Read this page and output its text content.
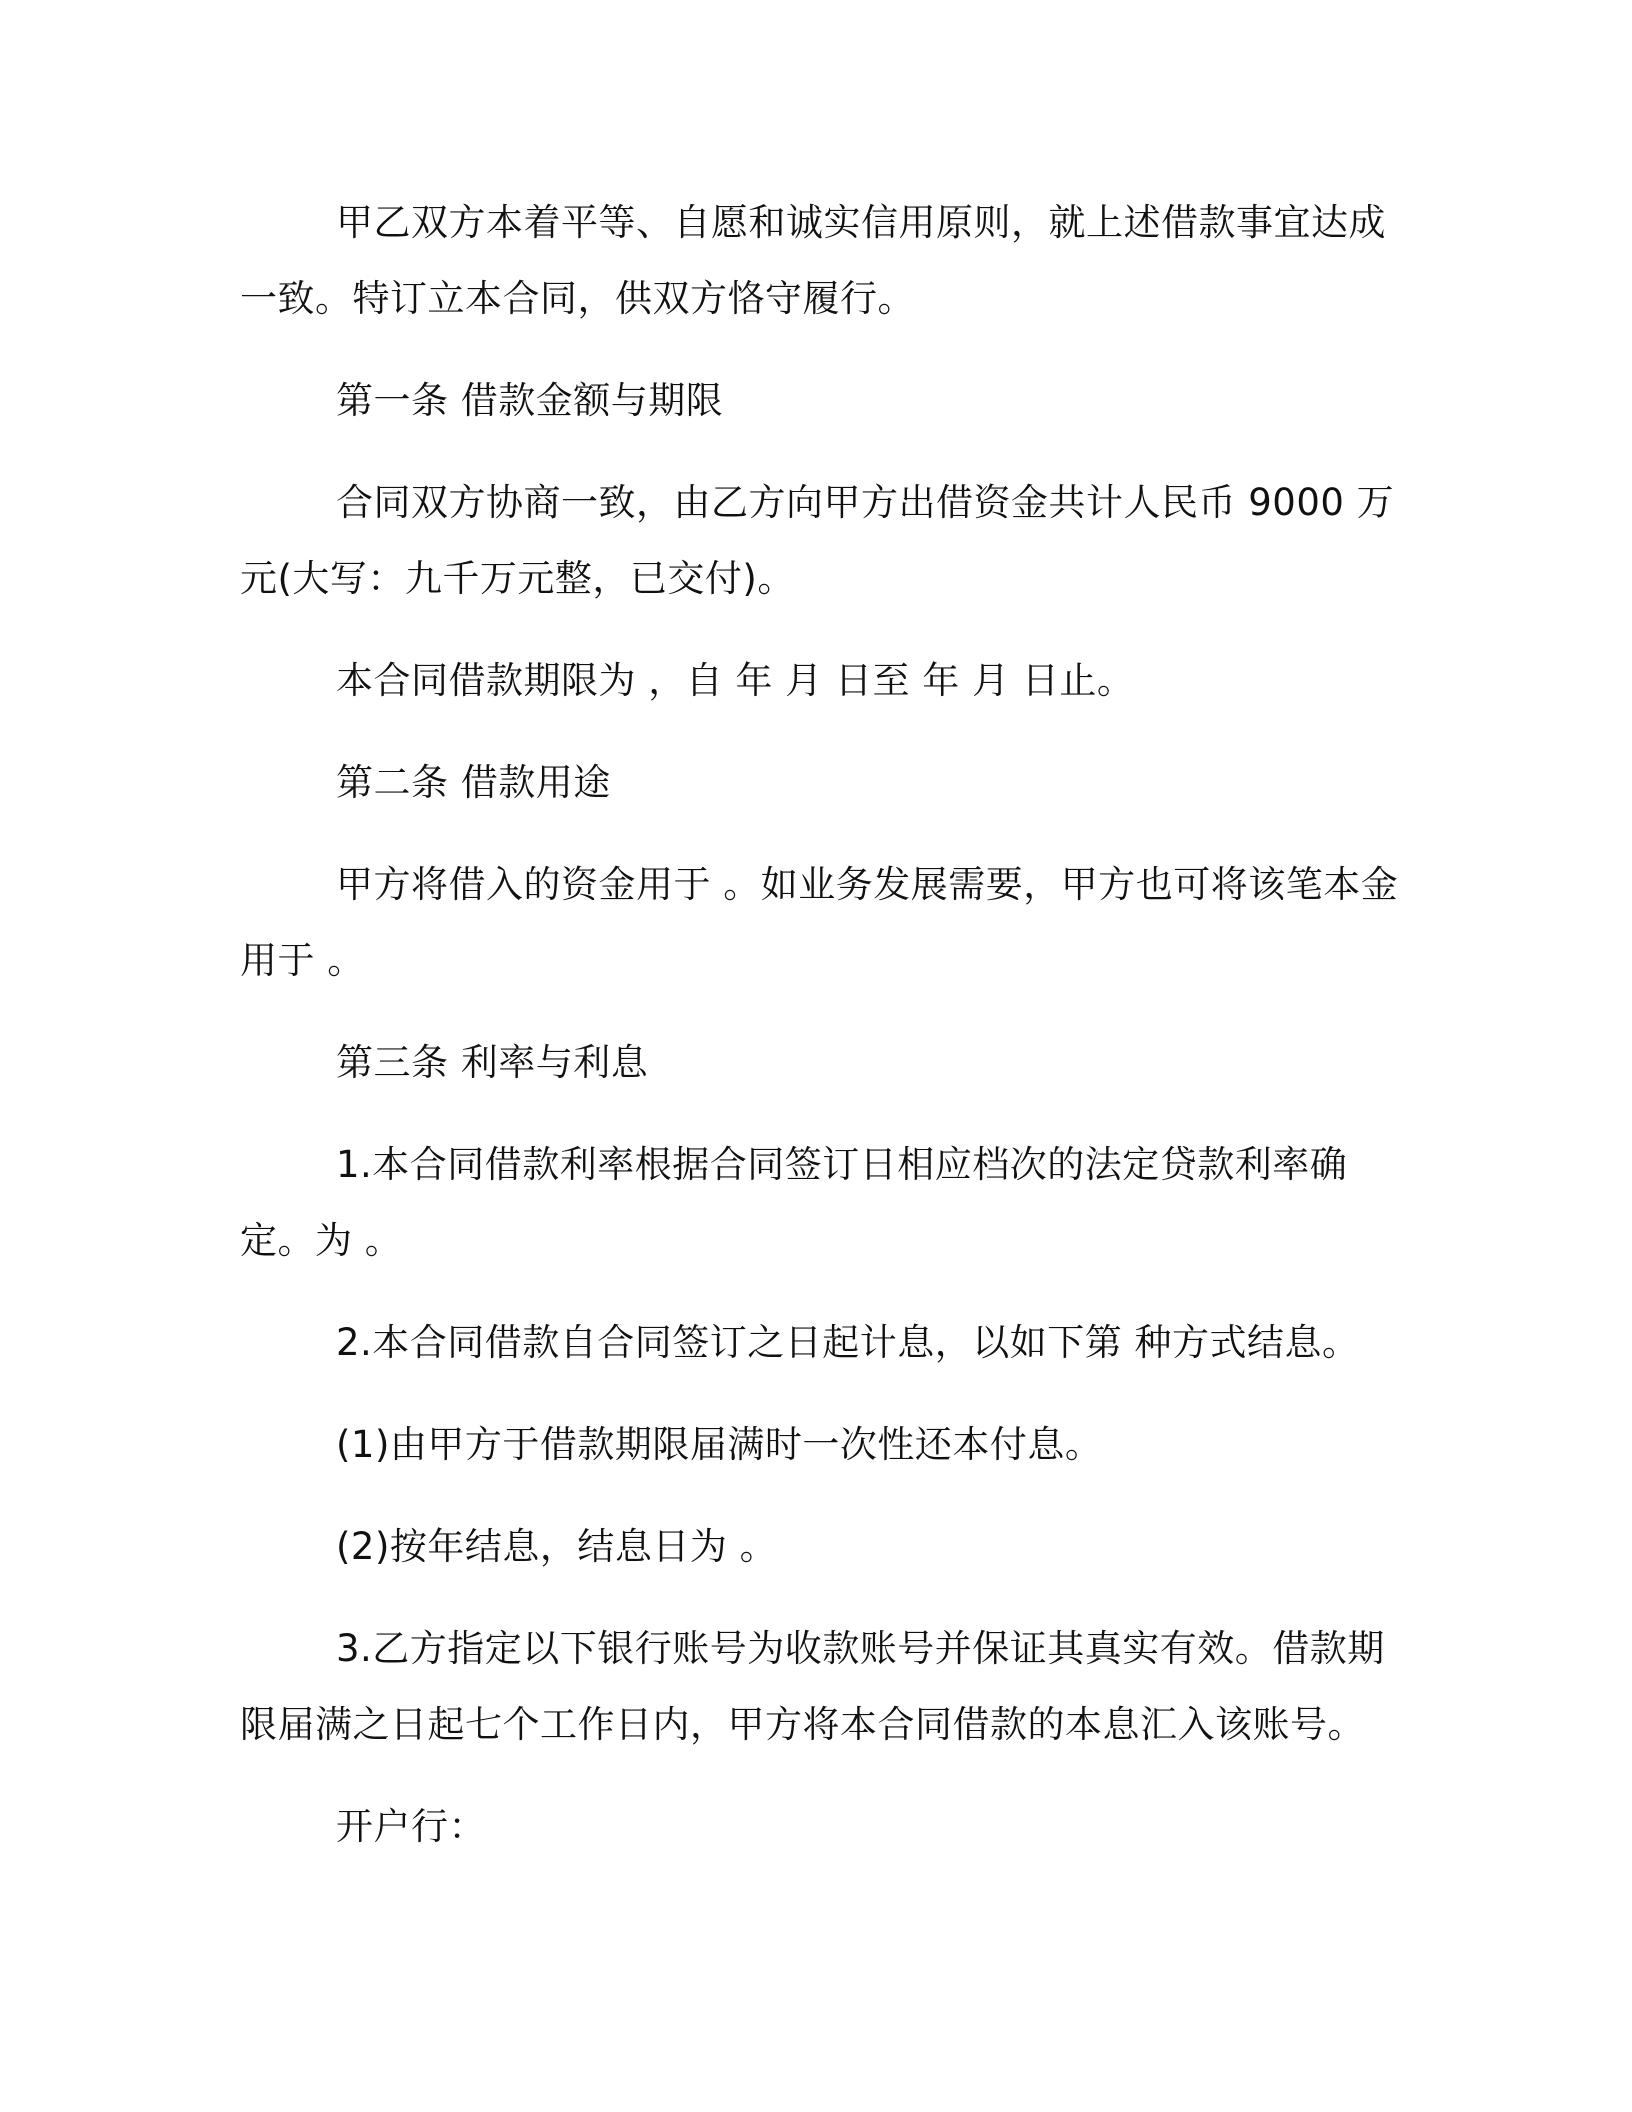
甲乙双方本着平等、自愿和诚实信用原则，就上述借款事宜达成一致。特订立本合同，供双方恪守履行。

第一条 借款金额与期限

合同双方协商一致，由乙方向甲方出借资金共计人民币 9000 万元(大写：九千万元整，已交付)。

本合同借款期限为 ，自 年 月 日至 年 月 日止。

第二条 借款用途

甲方将借入的资金用于 。如业务发展需要，甲方也可将该笔本金用于 。

第三条 利率与利息

1.本合同借款利率根据合同签订日相应档次的法定贷款利率确定。为 。

2.本合同借款自合同签订之日起计息，以如下第 种方式结息。

(1)由甲方于借款期限届满时一次性还本付息。

(2)按年结息，结息日为 。

3.乙方指定以下银行账号为收款账号并保证其真实有效。借款期限届满之日起七个工作日内，甲方将本合同借款的本息汇入该账号。

开户行：
